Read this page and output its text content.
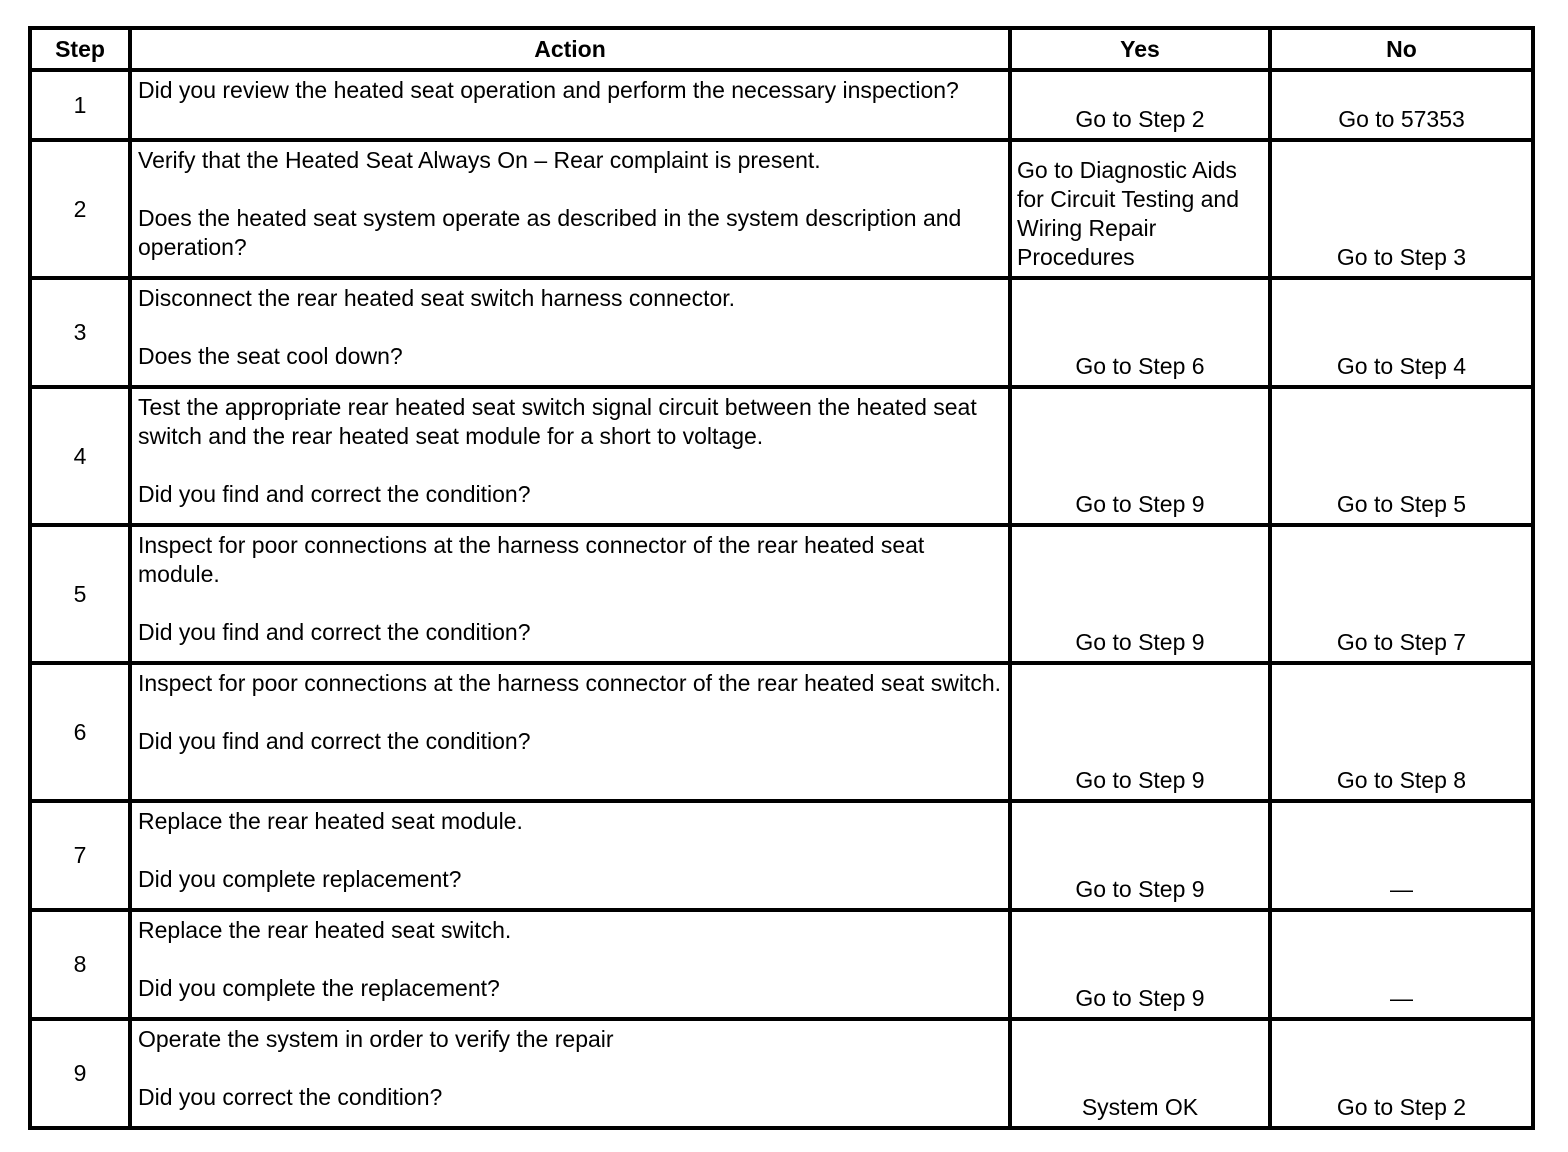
Step	Action	Yes	No
1	Did you review the heated seat operation and perform the necessary inspection?	Go to Step 2	Go to 57353
2	Verify that the Heated Seat Always On – Rear complaint is present.
Does the heated seat system operate as described in the system description and operation?	Go to Diagnostic Aids for Circuit Testing and Wiring Repair Procedures	Go to Step 3
3	Disconnect the rear heated seat switch harness connector.
Does the seat cool down?	Go to Step 6	Go to Step 4
4	Test the appropriate rear heated seat switch signal circuit between the heated seat switch and the rear heated seat module for a short to voltage.
Did you find and correct the condition?	Go to Step 9	Go to Step 5
5	Inspect for poor connections at the harness connector of the rear heated seat module.
Did you find and correct the condition?	Go to Step 9	Go to Step 7
6	Inspect for poor connections at the harness connector of the rear heated seat switch.
Did you find and correct the condition?	Go to Step 9	Go to Step 8
7	Replace the rear heated seat module.
Did you complete replacement?	Go to Step 9	—
8	Replace the rear heated seat switch.
Did you complete the replacement?	Go to Step 9	—
9	Operate the system in order to verify the repair
Did you correct the condition?	System OK	Go to Step 2
